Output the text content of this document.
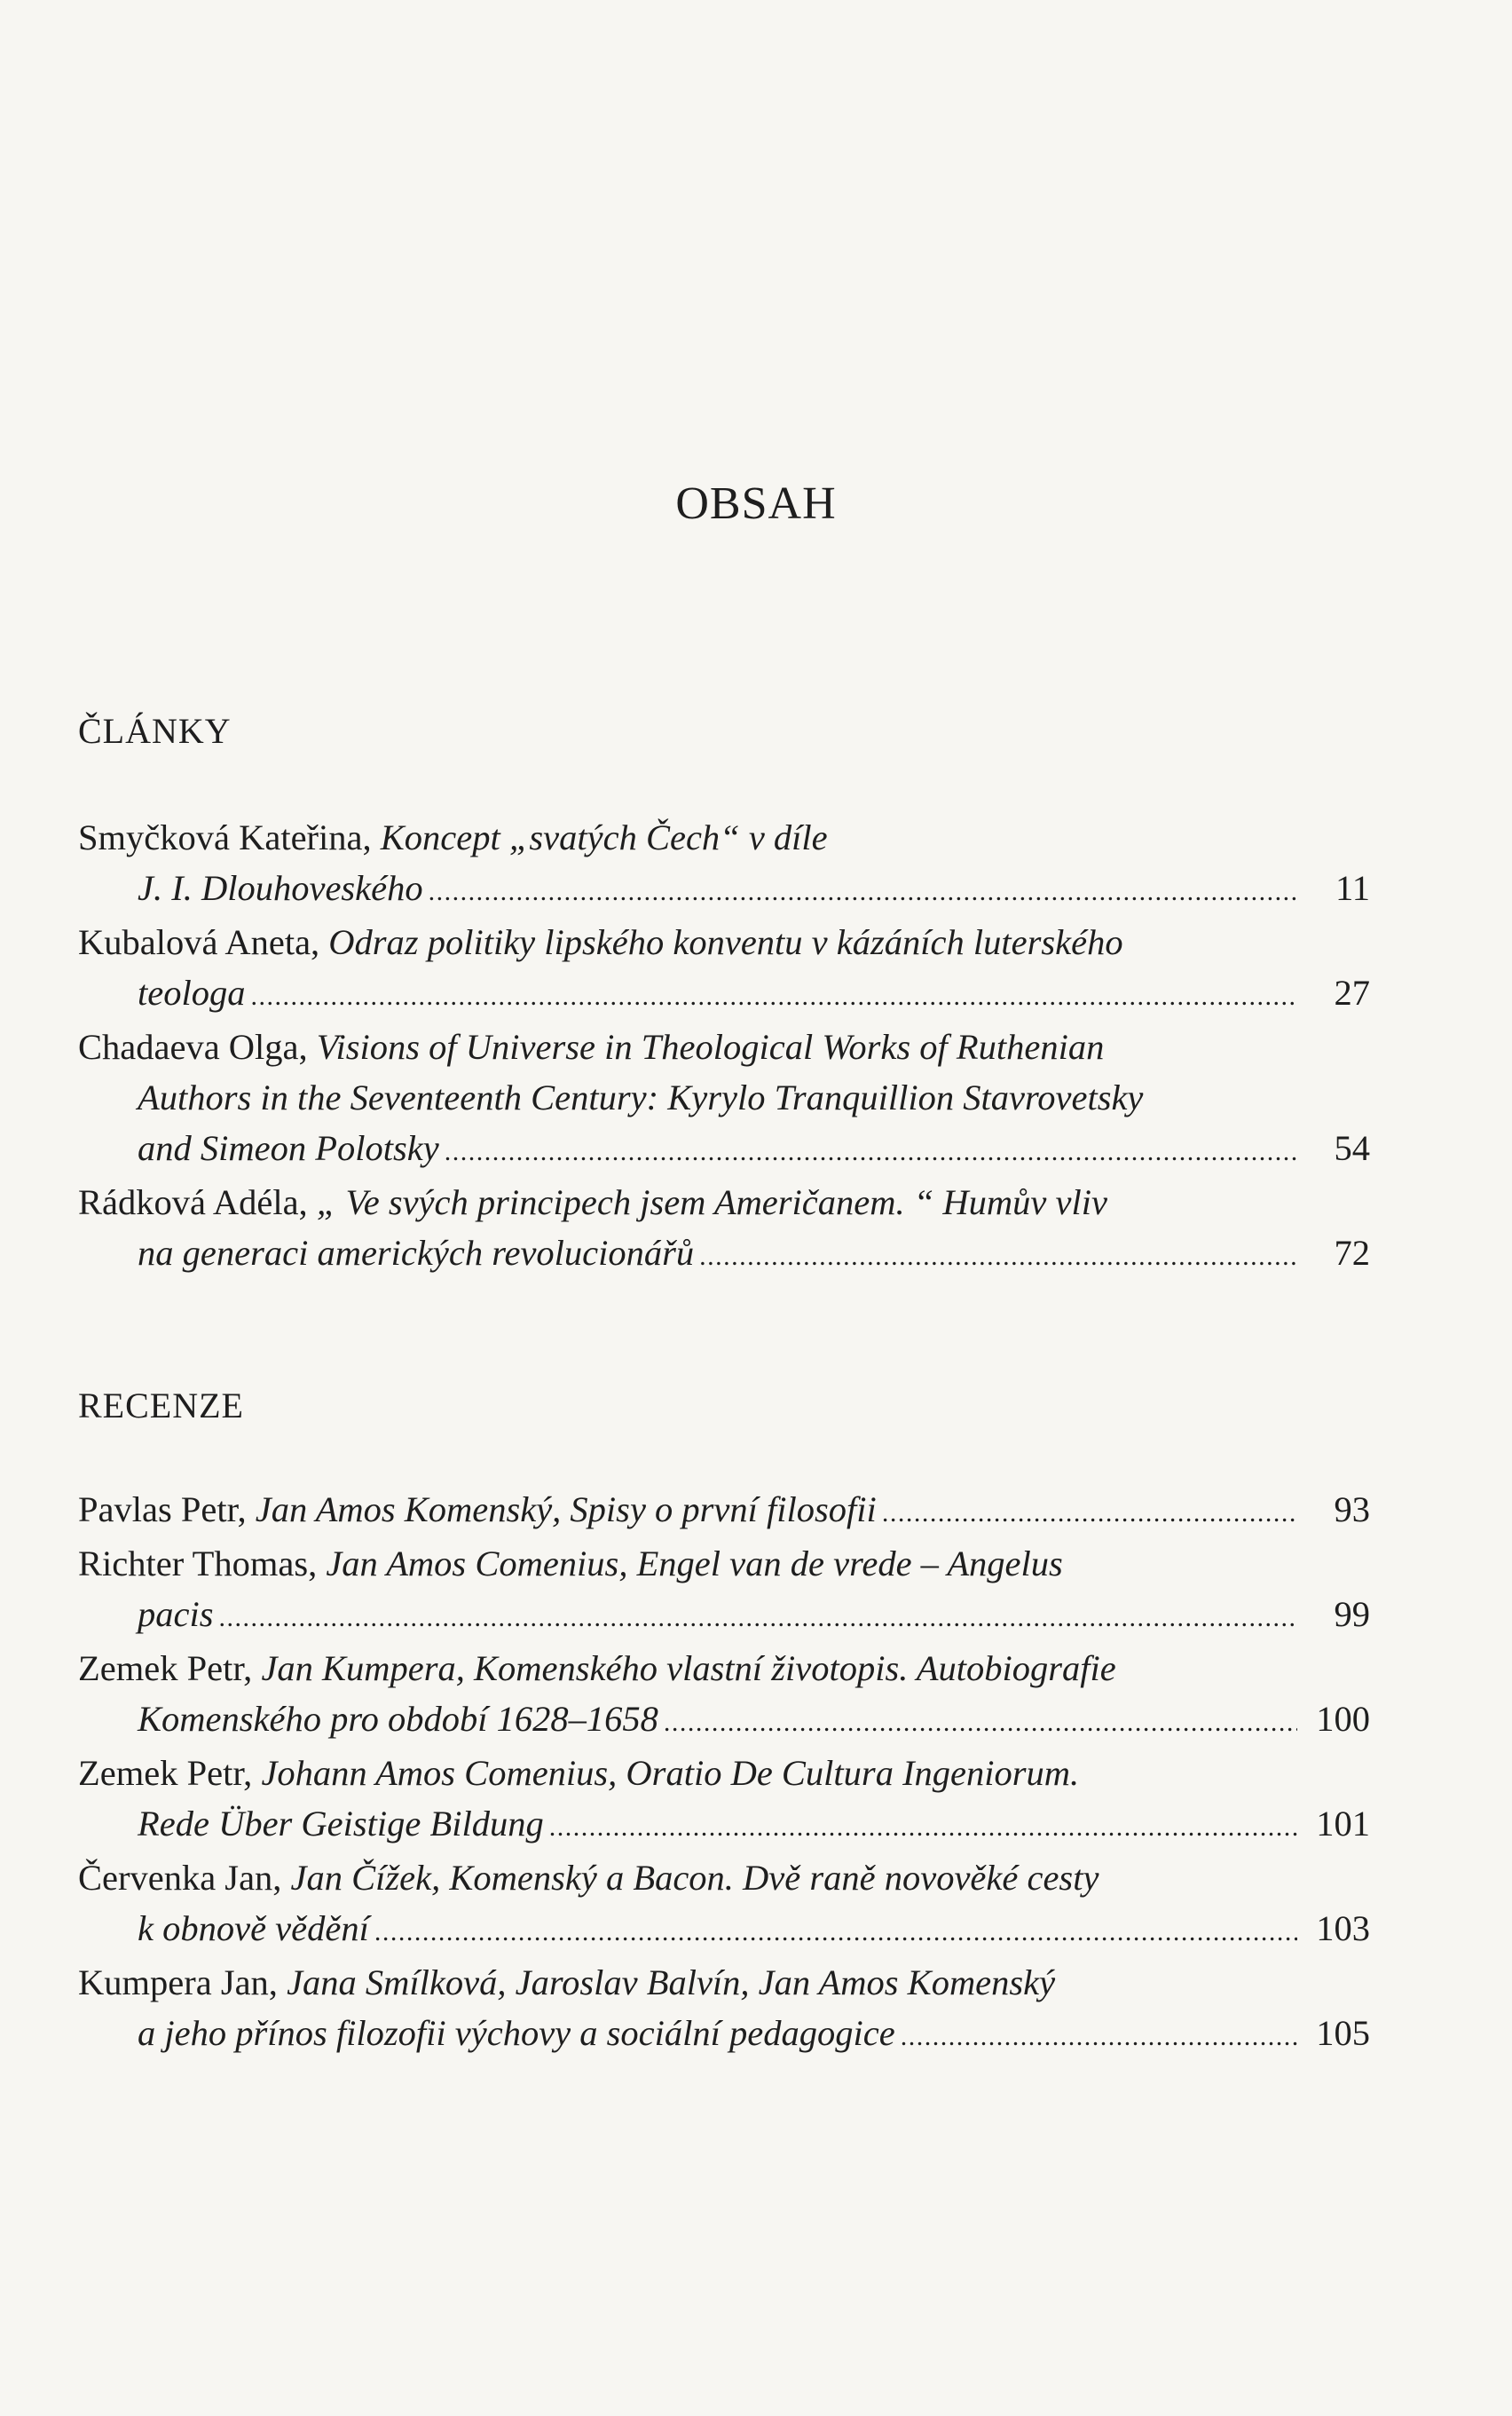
OBSAH
ČLÁNKY
Smyčková Kateřina, Koncept „svatých Čech“ v díle
J. I. Dlouhoveského . . .	11
Kubalová Aneta, Odraz politiky lipského konventu v kázáních luterského
teologa . . .	27
Chadaeva Olga, Visions of Universe in Theological Works of Ruthenian
Authors in the Seventeenth Century: Kyrylo Tranquillion Stavrovetsky
and Simeon Polotsky . . .	54
Rádková Adéla, „ Ve svých principech jsem Američanem. “ Humův vliv
na generaci amerických revolucionářů . . .	72
RECENZE
Pavlas Petr, Jan Amos Komenský, Spisy o první filosofii . . .	93
Richter Thomas, Jan Amos Comenius, Engel van de vrede – Angelus
pacis . . .	99
Zemek Petr, Jan Kumpera, Komenského vlastní životopis. Autobiografie
Komenského pro období 1628–1658 . . .	100
Zemek Petr, Johann Amos Comenius, Oratio De Cultura Ingeniorum.
Rede Über Geistige Bildung . . .	101
Červenka Jan, Jan Čížek, Komenský a Bacon. Dvě raně novověké cesty
k obnově vědění . . .	103
Kumpera Jan, Jana Smílková, Jaroslav Balvín, Jan Amos Komenský
a jeho přínos filozofii výchovy a sociální pedagogice . . .	105
